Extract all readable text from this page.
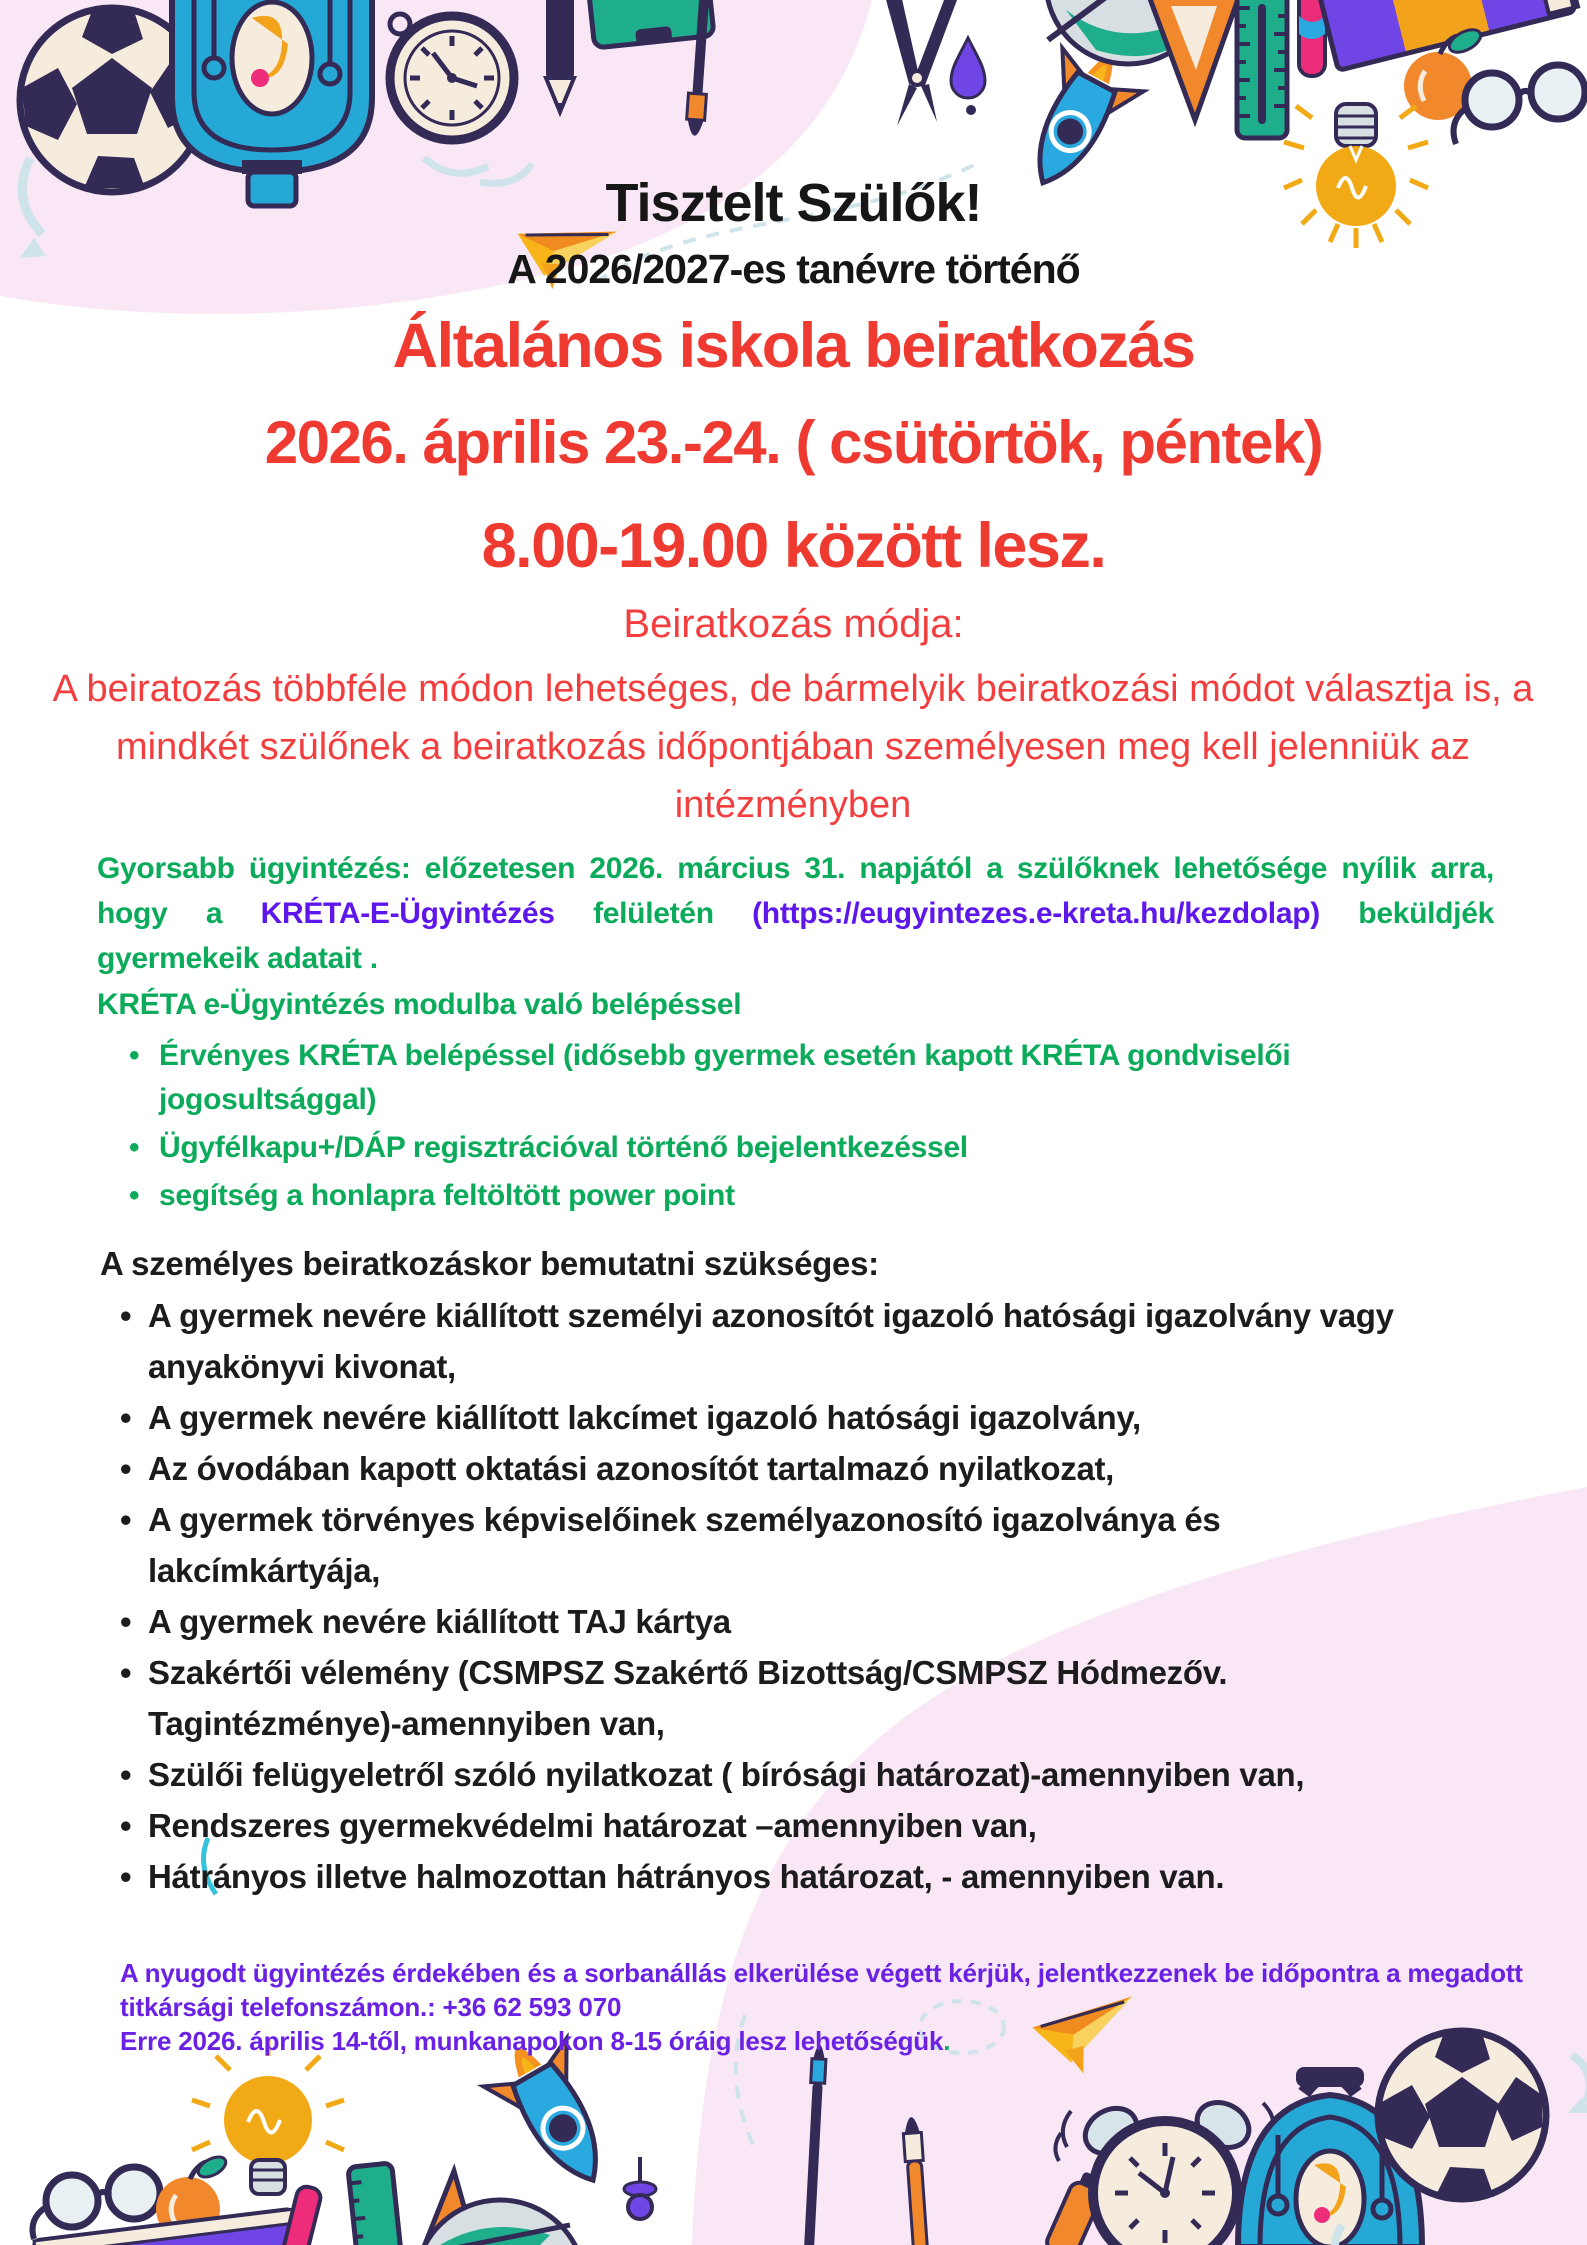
Tisztelt Szülők!
A 2026/2027-es tanévre történő
Általános iskola beiratkozás
2026. április 23.-24. ( csütörtök, péntek)
8.00-19.00 között lesz.
Beiratkozás módja:
A beiratozás többféle módon lehetséges, de bármelyik beiratkozási módot választja is, a mindkét szülőnek a beiratkozás időpontjában személyesen meg kell jelenniük az intézményben
Gyorsabb ügyintézés: előzetesen 2026. március 31. napjától a szülőknek lehetősége nyílik arra, hogy a KRÉTA-E-Ügyintézés felületén (https://eugyintezes.e-kreta.hu/kezdolap) beküldjék gyermekeik adatait .
KRÉTA e-Ügyintézés modulba való belépéssel
• Érvényes KRÉTA belépéssel (idősebb gyermek esetén kapott KRÉTA gondviselői jogosultsággal)
• Ügyfélkapu+/DÁP regisztrációval történő bejelentkezéssel
• segítség a honlapra feltöltött power point
A személyes beiratkozáskor bemutatni szükséges:
• A gyermek nevére kiállított személyi azonosítót igazoló hatósági igazolvány vagy anyakönyvi kivonat,
• A gyermek nevére kiállított lakcímet igazoló hatósági igazolvány,
• Az óvodában kapott oktatási azonosítót tartalmazó nyilatkozat,
• A gyermek törvényes képviselőinek személyazonosító igazolványa és lakcímkártyája,
• A gyermek nevére kiállított TAJ kártya
• Szakértői vélemény (CSMPSZ Szakértő Bizottság/CSMPSZ Hódmezőv. Tagintézménye)-amennyiben van,
• Szülői felügyeletről szóló nyilatkozat ( bírósági határozat)-amennyiben van,
• Rendszeres gyermekvédelmi határozat –amennyiben van,
• Hátrányos illetve halmozottan hátrányos határozat, - amennyiben van.
A nyugodt ügyintézés érdekében és a sorbanállás elkerülése végett kérjük, jelentkezzenek be időpontra a megadott titkársági telefonszámon.: +36 62 593 070
Erre 2026. április 14-től, munkanapokon 8-15 óráig lesz lehetőségük.
